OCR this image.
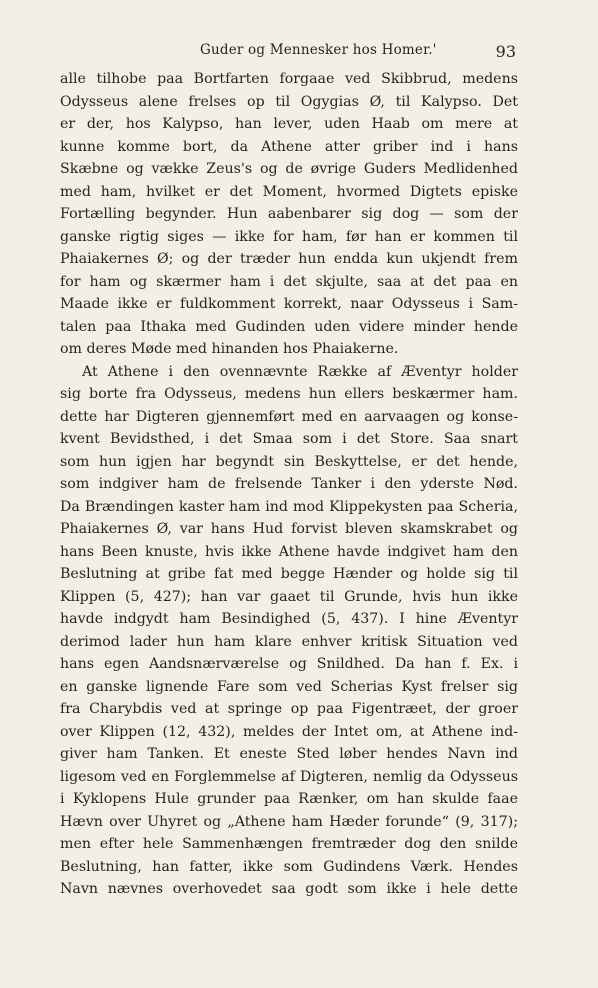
Guder og Mennesker hos Homer.'	93
alle tilhobe paa Bortfarten forgaae ved Skibbrud, medens
Odysseus alene frelses op til Ogygias Ø, til Kalypso. Det
er der, hos Kalypso, han lever, uden Haab om mere at
kunne komme bort, da Athene atter griber ind i hans
Skæbne og vække Zeus's og de øvrige Guders Medlidenhed
med ham, hvilket er det Moment, hvormed Digtets episke
Fortælling begynder. Hun aabenbarer sig dog — som der
ganske rigtig siges — ikke for ham, før han er kommen til
Phaiakernes Ø; og der træder hun endda kun ukjendt frem
for ham og skærmer ham i det skjulte, saa at det paa en
Maade ikke er fuldkomment korrekt, naar Odysseus i Sam-
talen paa Ithaka med Gudinden uden videre minder hende
om deres Møde med hinanden hos Phaiakerne.
At Athene i den ovennævnte Række af Æventyr holder
sig borte fra Odysseus, medens hun ellers beskærmer ham.
dette har Digteren gjennemført med en aarvaagen og konse-
kvent Bevidsthed, i det Smaa som i det Store. Saa snart
som hun igjen har begyndt sin Beskyttelse, er det hende,
som indgiver ham de frelsende Tanker i den yderste Nød.
Da Brændingen kaster ham ind mod Klippekysten paa Scheria,
Phaiakernes Ø, var hans Hud forvist bleven skamskrabet og
hans Been knuste, hvis ikke Athene havde indgivet ham den
Beslutning at gribe fat med begge Hænder og holde sig til
Klippen (5, 427); han var gaaet til Grunde, hvis hun ikke
havde indgydt ham Besindighed (5, 437). I hine Æventyr
derimod lader hun ham klare enhver kritisk Situation ved
hans egen Aandsnærværelse og Snildhed. Da han f. Ex. i
en ganske lignende Fare som ved Scherias Kyst frelser sig
fra Charybdis ved at springe op paa Figentræet, der groer
over Klippen (12, 432), meldes der Intet om, at Athene ind-
giver ham Tanken. Et eneste Sted løber hendes Navn ind
ligesom ved en Forglemmelse af Digteren, nemlig da Odysseus
i Kyklopens Hule grunder paa Rænker, om han skulde faae
Hævn over Uhyret og „Athene ham Hæder forunde“ (9, 317);
men efter hele Sammenhængen fremtræder dog den snilde
Beslutning, han fatter, ikke som Gudindens Værk. Hendes
Navn nævnes overhovedet saa godt som ikke i hele dette
